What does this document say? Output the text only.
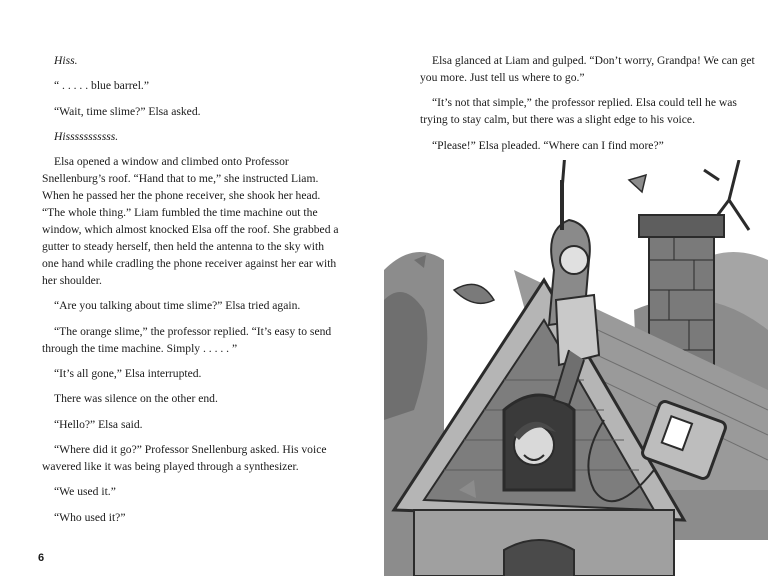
Hiss.

“ . . . . . blue barrel.”

“Wait, time slime?” Elsa asked.

Hisssssssssss.

Elsa opened a window and climbed onto Professor Snellenburg’s roof. “Hand that to me,” she instructed Liam. When he passed her the phone receiver, she shook her head. “The whole thing.” Liam fumbled the time machine out the window, which almost knocked Elsa off the roof. She grabbed a gutter to steady herself, then held the antenna to the sky with one hand while cradling the phone receiver against her ear with her shoulder.

“Are you talking about time slime?” Elsa tried again.

“The orange slime,” the professor replied. “It’s easy to send through the time machine. Simply . . . . . ”

“It’s all gone,” Elsa interrupted.

There was silence on the other end.

“Hello?” Elsa said.

“Where did it go?” Professor Snellenburg asked. His voice wavered like it was being played through a synthesizer.

“We used it.”

“Who used it?”

6

Elsa glanced at Liam and gulped. “Don’t worry, Grandpa! We can get you more. Just tell us where to go.”

“It’s not that simple,” the professor replied. Elsa could tell he was trying to stay calm, but there was a slight edge to his voice.

“Please!” Elsa pleaded. “Where can I find more?”
